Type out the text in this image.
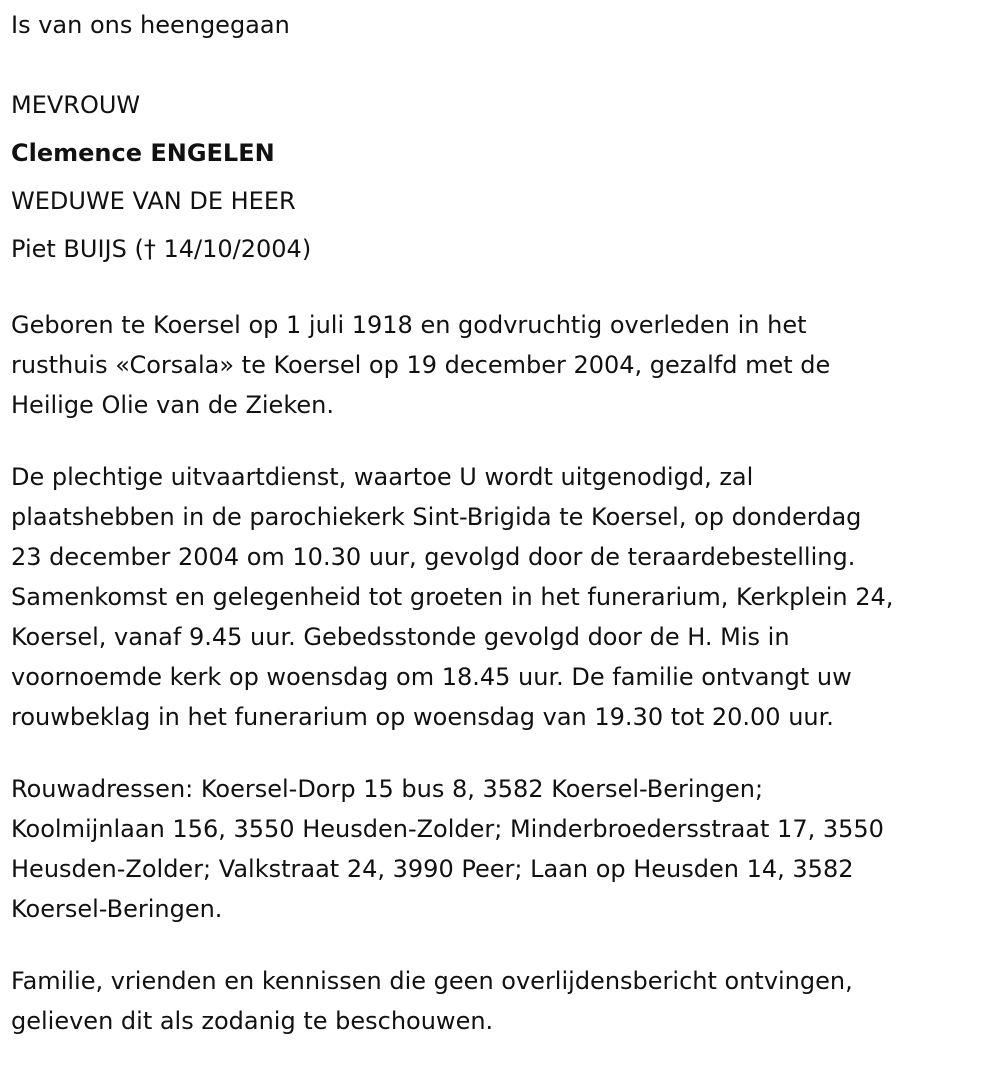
Is van ons heengegaan

MEVROUW

Clemence ENGELEN

WEDUWE VAN DE HEER

Piet BUIJS († 14/10/2004)

Geboren te Koersel op 1 juli 1918 en godvruchtig overleden in het
rusthuis «Corsala» te Koersel op 19 december 2004, gezalfd met de
Heilige Olie van de Zieken.

De plechtige uitvaartdienst, waartoe U wordt uitgenodigd, zal
plaatshebben in de parochiekerk Sint-Brigida te Koersel, op donderdag
23 december 2004 om 10.30 uur, gevolgd door de teraardebestelling.
Samenkomst en gelegenheid tot groeten in het funerarium, Kerkplein 24,
Koersel, vanaf 9.45 uur. Gebedsstonde gevolgd door de H. Mis in
voornoemde kerk op woensdag om 18.45 uur. De familie ontvangt uw
rouwbeklag in het funerarium op woensdag van 19.30 tot 20.00 uur.

Rouwadressen: Koersel-Dorp 15 bus 8, 3582 Koersel-Beringen;
Koolmijnlaan 156, 3550 Heusden-Zolder; Minderbroedersstraat 17, 3550
Heusden-Zolder; Valkstraat 24, 3990 Peer; Laan op Heusden 14, 3582
Koersel-Beringen.

Familie, vrienden en kennissen die geen overlijdensbericht ontvingen,
gelieven dit als zodanig te beschouwen.
